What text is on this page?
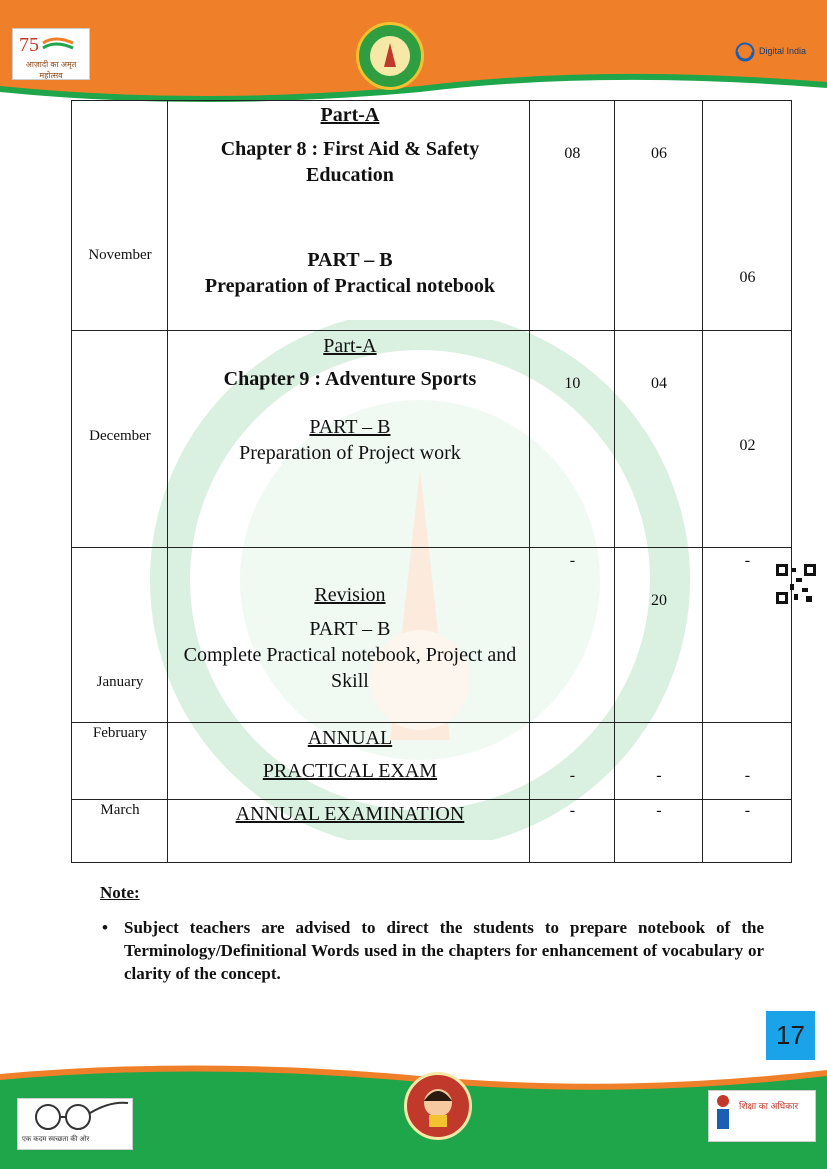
75
आज़ादी का अमृत महोत्सव
Digital India
November	Part-A
Chapter 8 : First Aid & Safety Education
PART – B
Preparation of Practical notebook	08	06	06

December	Part-A
Chapter 9 : Adventure Sports
PART – B
Preparation of Project work	10	04	02

January	Revision
PART – B
Complete Practical notebook, Project and Skill	-	20	-

February	ANNUAL
PRACTICAL EXAM	-	-	-

March	ANNUAL EXAMINATION	-	-	-
Note:
• Subject teachers are advised to direct the students to prepare notebook of the Terminology/Definitional Words used in the chapters for enhancement of vocabulary or clarity of the concept.
17
एक कदम स्वच्छता की ओर
शिक्षा का अधिकार
